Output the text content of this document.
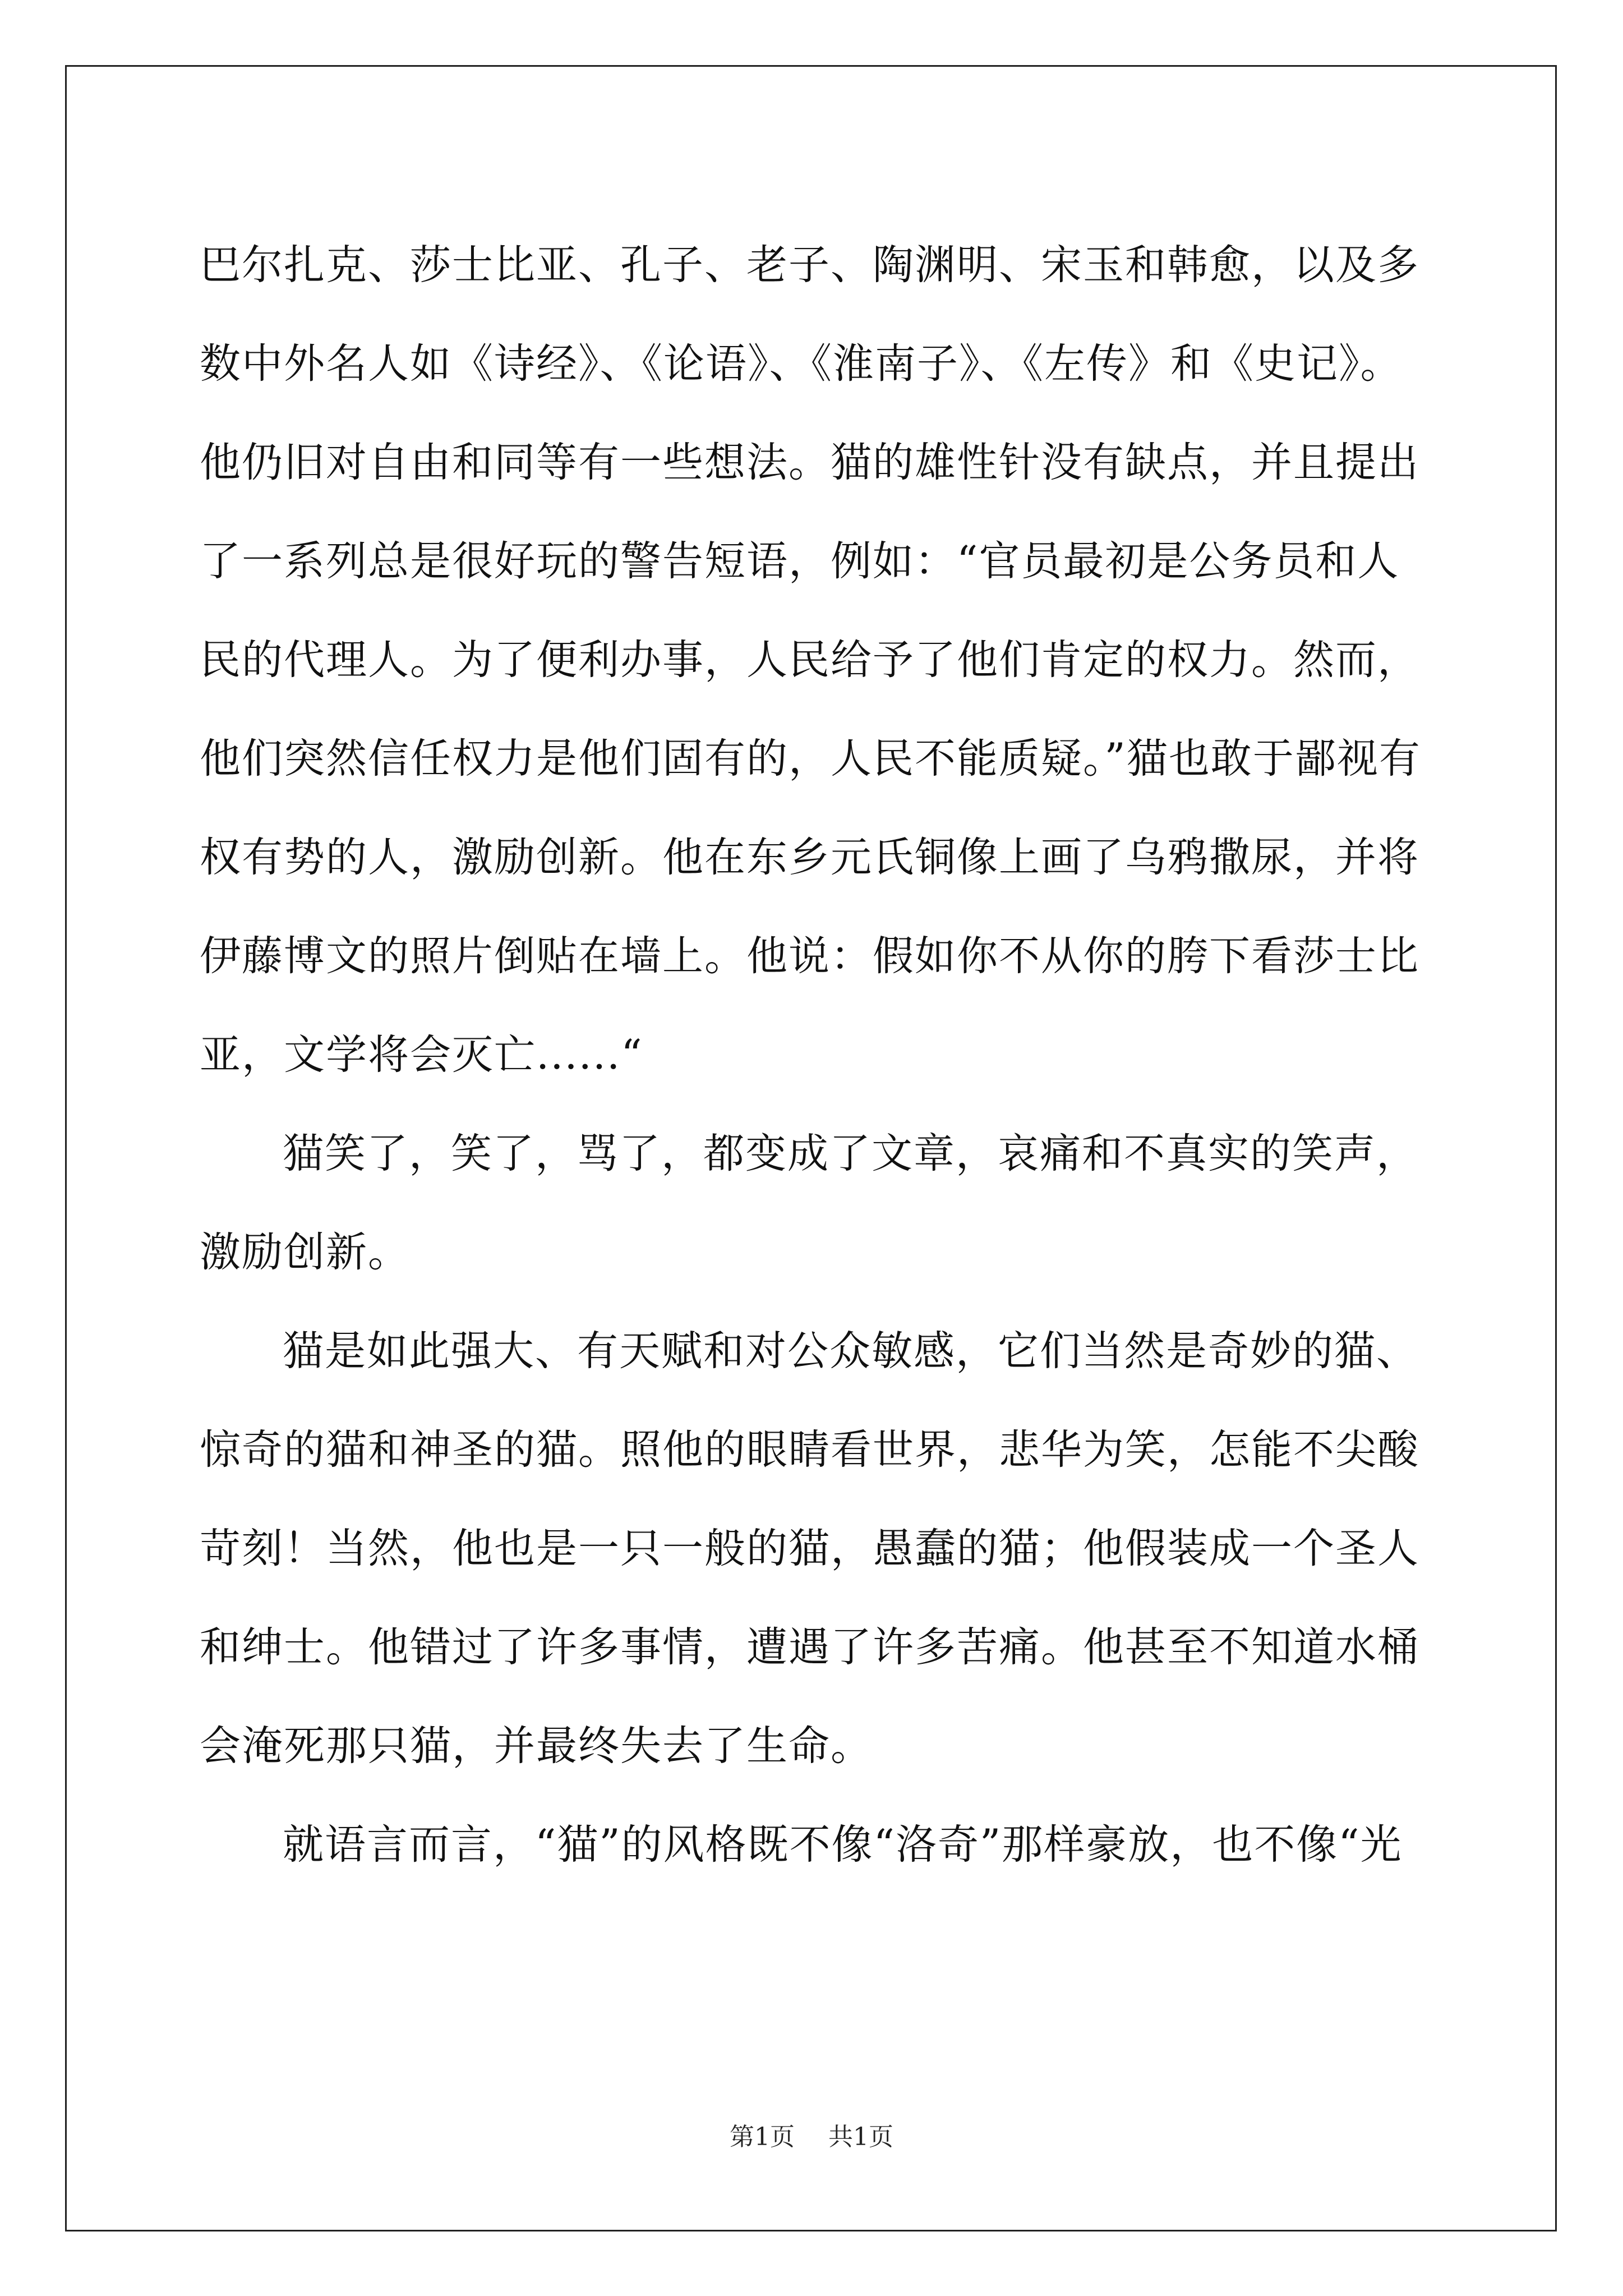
巴尔扎克、莎士比亚、孔子、老子、陶渊明、宋玉和韩愈，以及多数中外名人如《诗经》、《论语》、《淮南子》、《左传》和《史记》。他仍旧对自由和同等有一些想法。猫的雄性针没有缺点，并且提出了一系列总是很好玩的警告短语，例如：“官员最初是公务员和人民的代理人。为了便利办事，人民给予了他们肯定的权力。然而，他们突然信任权力是他们固有的，人民不能质疑。”猫也敢于鄙视有权有势的人，激励创新。他在东乡元氏铜像上画了乌鸦撒尿，并将伊藤博文的照片倒贴在墙上。他说：假如你不从你的胯下看莎士比亚，文学将会灭亡......“

猫笑了，笑了，骂了，都变成了文章，哀痛和不真实的笑声，激励创新。

猫是如此强大、有天赋和对公众敏感，它们当然是奇妙的猫、惊奇的猫和神圣的猫。照他的眼睛看世界，悲华为笑，怎能不尖酸苛刻！当然，他也是一只一般的猫，愚蠢的猫；他假装成一个圣人和绅士。他错过了许多事情，遭遇了许多苦痛。他甚至不知道水桶会淹死那只猫，并最终失去了生命。

就语言而言，“猫”的风格既不像“洛奇”那样豪放，也不像“光

第1页 共1页
